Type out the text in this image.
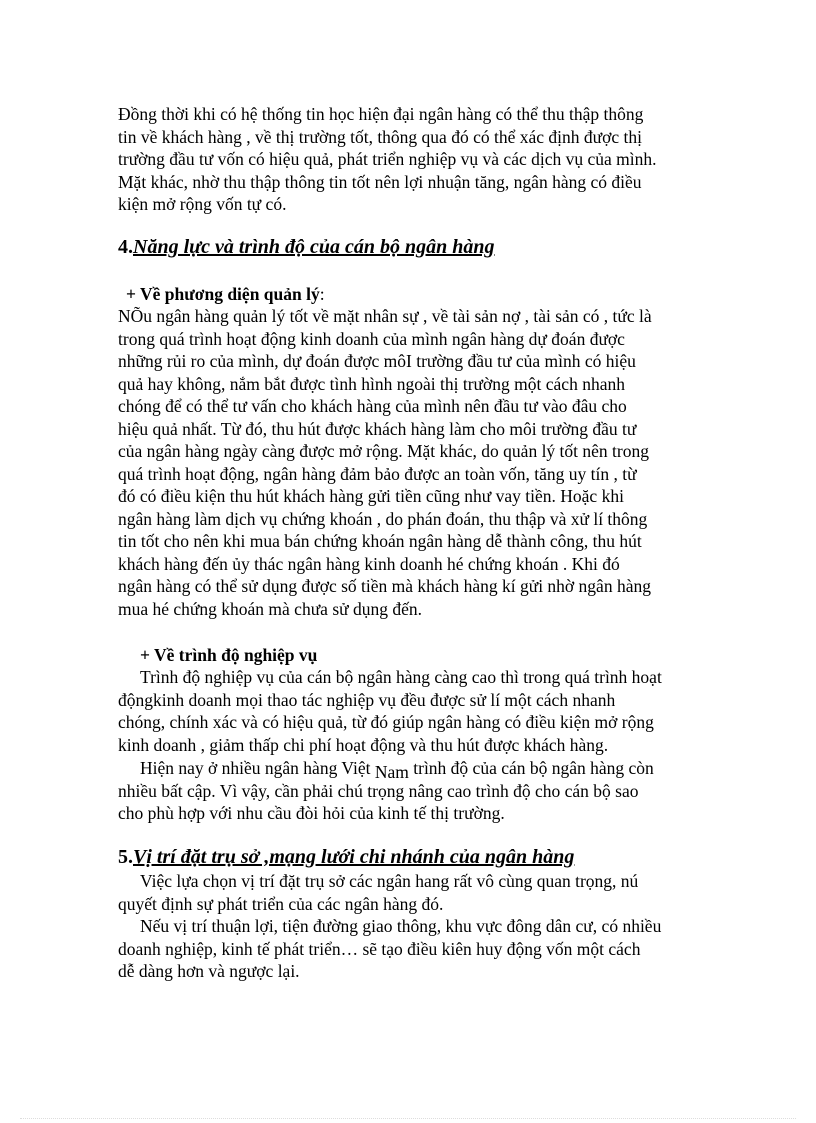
Đồng thời khi có hệ thống tin học hiện đại ngân hàng có thể thu thập thông

tin về khách hàng , về thị trường tốt, thông qua đó có thể xác định được thị

trường đầu tư vốn có hiệu quả, phát triển nghiệp vụ và các dịch vụ của mình.

Mặt khác, nhờ thu thập thông tin tốt nên lợi nhuận tăng, ngân hàng có điều

kiện mở rộng vốn tự có.

4.Năng lực và trình độ của cán bộ ngân hàng
+ Về phương diện quản lý:

NÕu ngân hàng quản lý tốt về mặt nhân sự , về tài sản nợ , tài sản có , tức là

trong quá trình hoạt động kinh doanh của mình ngân hàng dự đoán được

những rủi ro của mình, dự đoán được môI trường đầu tư của mình có hiệu

quả hay không, nắm bắt được tình hình ngoài thị trường một cách nhanh

chóng để có thể tư vấn cho khách hàng của mình nên đầu tư vào đâu cho

hiệu quả nhất. Từ đó, thu hút được khách hàng làm cho môi trường đầu tư

của ngân hàng ngày càng được mở rộng. Mặt khác, do quản lý tốt nên trong

quá trình hoạt động, ngân hàng đảm bảo được an toàn vốn, tăng uy tín , từ

đó có điều kiện thu hút khách hàng gửi tiền cũng như vay tiền. Hoặc khi

ngân hàng làm dịch vụ chứng khoán , do phán đoán, thu thập và xử lí thông

tin tốt cho nên khi mua bán chứng khoán ngân hàng dễ thành công, thu hút

khách hàng đến ủy thác ngân hàng kinh doanh hé chứng khoán . Khi đó

ngân hàng có thể sử dụng được số tiền mà khách hàng kí gửi nhờ ngân hàng

mua hé chứng khoán mà chưa sử dụng đến.

+ Về trình độ nghiệp vụ

Trình độ nghiệp vụ của cán bộ ngân hàng càng cao thì trong quá trình hoạt

độngkinh doanh mọi thao tác nghiệp vụ đều được sử lí một cách nhanh

chóng, chính xác và có hiệu quả, từ đó giúp ngân hàng có điều kiện mở rộng

kinh doanh , giảm thấp chi phí hoạt động và thu hút được khách hàng.

Hiện nay ở nhiều ngân hàng Việt Nam trình độ của cán bộ ngân hàng còn

nhiều bất cập. Vì vậy, cần phải chú trọng nâng cao trình độ cho cán bộ sao

cho phù hợp với nhu cầu đòi hỏi của kinh tế thị trường.

5.Vị trí đặt trụ sở ,mạng lưới chi nhánh của ngân hàng

Việc lựa chọn vị trí đặt trụ sở các ngân hang rất vô cùng quan trọng, nú

quyết định sự phát triển của các ngân hàng đó.

Nếu vị trí thuận lợi, tiện đường giao thông, khu vực đông dân cư, có nhiều

doanh nghiệp, kinh tế phát triển… sẽ tạo điều kiên huy động vốn một cách

dễ dàng hơn và ngược lại.
